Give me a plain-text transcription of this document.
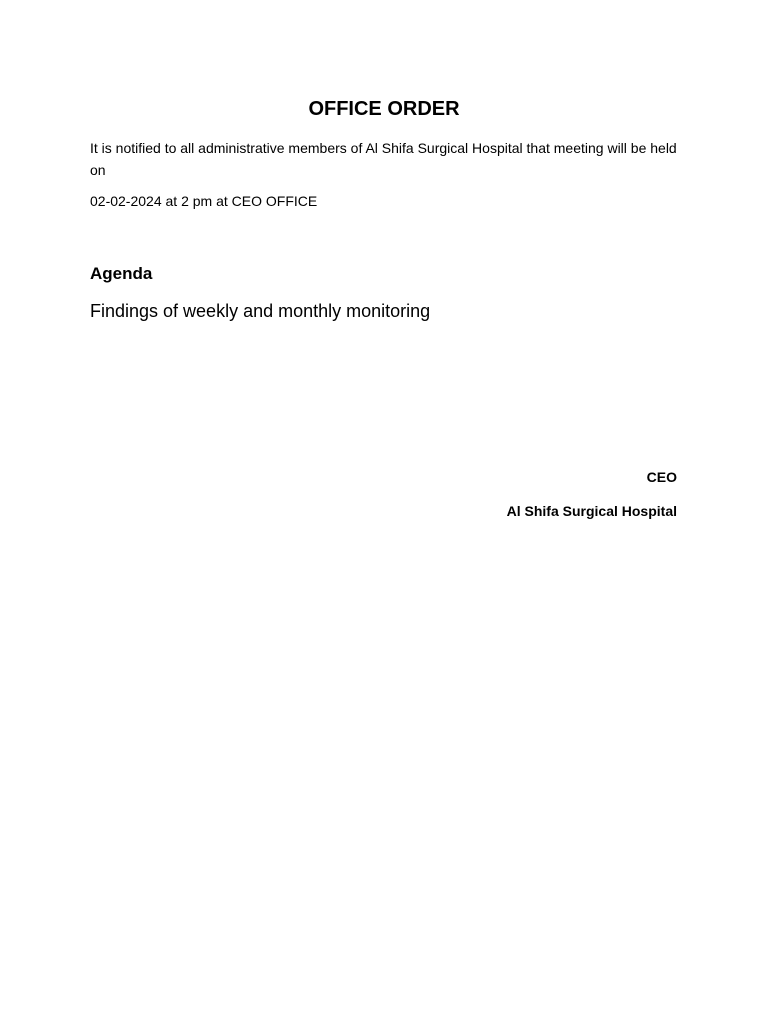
OFFICE ORDER
It is notified to all administrative members of Al Shifa Surgical Hospital that meeting will be held on
02-02-2024 at 2 pm at CEO OFFICE
Agenda
Findings of weekly and monthly monitoring
CEO
Al Shifa Surgical Hospital
